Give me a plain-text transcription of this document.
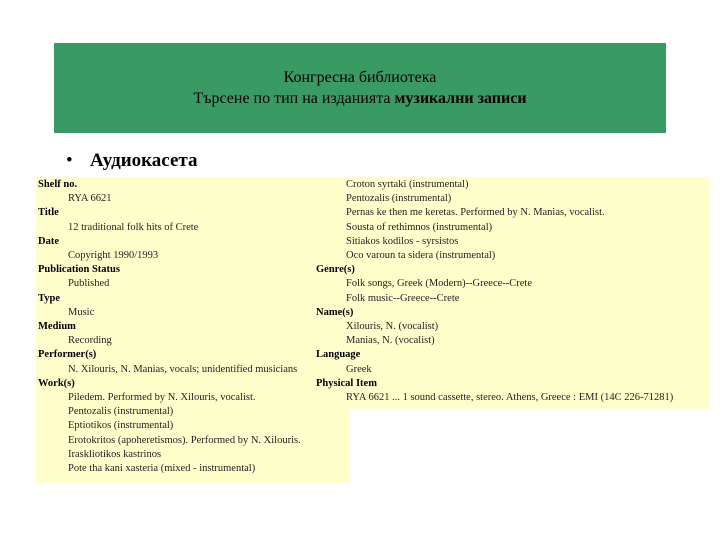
Конгресна библиотека
Търсене по тип на изданията музикални записи
• Аудиокасета
Shelf no.
RYA 6621
Title
12 traditional folk hits of Crete
Date
Copyright 1990/1993
Publication Status
Published
Type
Music
Medium
Recording
Performer(s)
N. Xilouris, N. Manias, vocals; unidentified musicians
Work(s)
Piledem. Performed by N. Xilouris, vocalist.
Pentozalis (instrumental)
Eptiotikos (instrumental)
Erotokritos (apoheretismos). Performed by N. Xilouris.
Iraskliotikos kastrinos
Pote tha kani xasteria (mixed - instrumental)
Croton syrtaki (instrumental)
Pentozalis (instrumental)
Pernas ke then me keretas. Performed by N. Manias, vocalist.
Sousta of rethimnos (instrumental)
Sitiakos kodilos - syrsistos
Oco varoun ta sidera (instrumental)
Genre(s)
Folk songs, Greek (Modern)--Greece--Crete
Folk music--Greece--Crete
Name(s)
Xilouris, N. (vocalist)
Manias, N. (vocalist)
Language
Greek
Physical Item
RYA 6621 ... 1 sound cassette, stereo. Athens, Greece : EMI (14C 226-71281)
